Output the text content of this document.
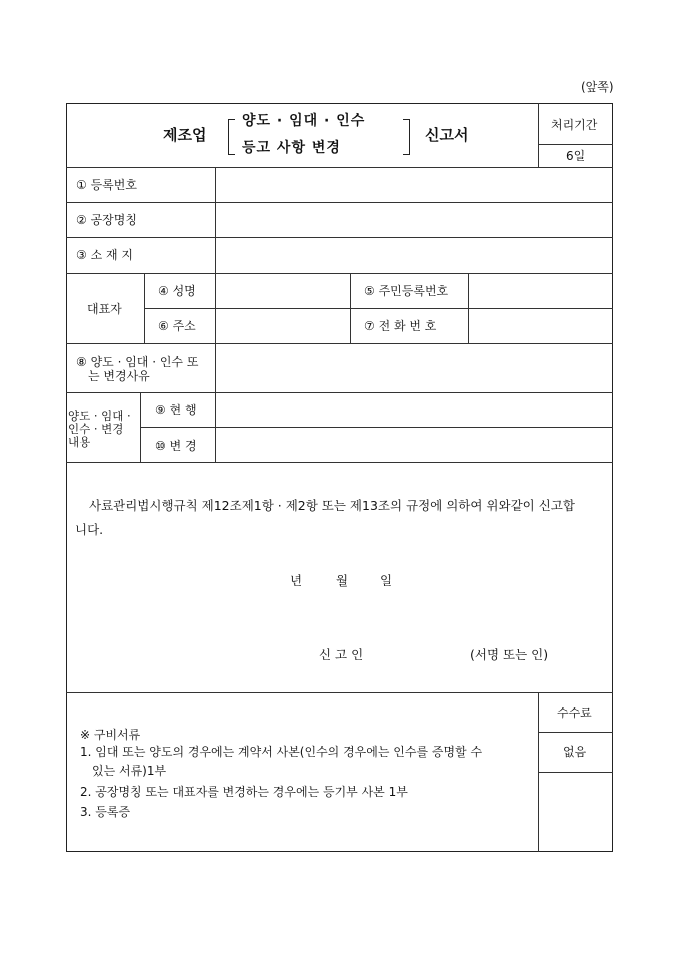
(앞쪽)
제조업
양도 · 임대 · 인수
등고 사항 변경
신고서
처리기간
6일
① 등록번호
② 공장명칭
③ 소 재 지
대표자
④ 성명	⑤ 주민등록번호
⑥ 주소	⑦ 전 화 번 호
⑧ 양도 · 임대 · 인수 또
는 변경사유
양도 · 임대 ·
인수 · 변경
내용
⑨ 현 행
⑩ 변 경
사료관리법시행규칙 제12조제1항 · 제2항 또는 제13조의 규정에 의하여 위와같이 신고합
니다.
년	월	일
신 고 인	(서명 또는 인)
수수료
없음
※ 구비서류
1. 임대 또는 양도의 경우에는 계약서 사본(인수의 경우에는 인수를 증명할 수
있는 서류)1부
2. 공장명칭 또는 대표자를 변경하는 경우에는 등기부 사본 1부
3. 등록증
